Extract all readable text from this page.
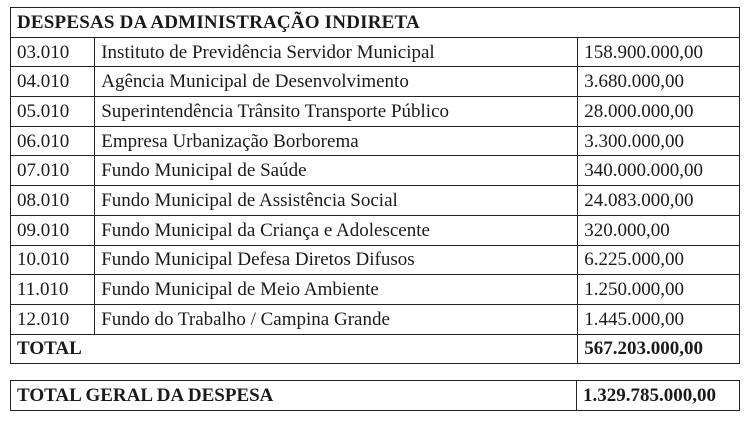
DESPESAS DA ADMINISTRAÇÃO INDIRETA		
03.010	Instituto de Previdência Servidor Municipal	158.900.000,00
04.010	Agência Municipal de Desenvolvimento	3.680.000,00
05.010	Superintendência Trânsito Transporte Público	28.000.000,00
06.010	Empresa Urbanização Borborema	3.300.000,00
07.010	Fundo Municipal de Saúde	340.000.000,00
08.010	Fundo Municipal de Assistência Social	24.083.000,00
09.010	Fundo Municipal da Criança e Adolescente	320.000,00
10.010	Fundo Municipal Defesa Diretos Difusos	6.225.000,00
11.010	Fundo Municipal de Meio Ambiente	1.250.000,00
12.010	Fundo do Trabalho / Campina Grande	1.445.000,00
TOTAL		567.203.000,00
TOTAL GERAL DA DESPESA	1.329.785.000,00
